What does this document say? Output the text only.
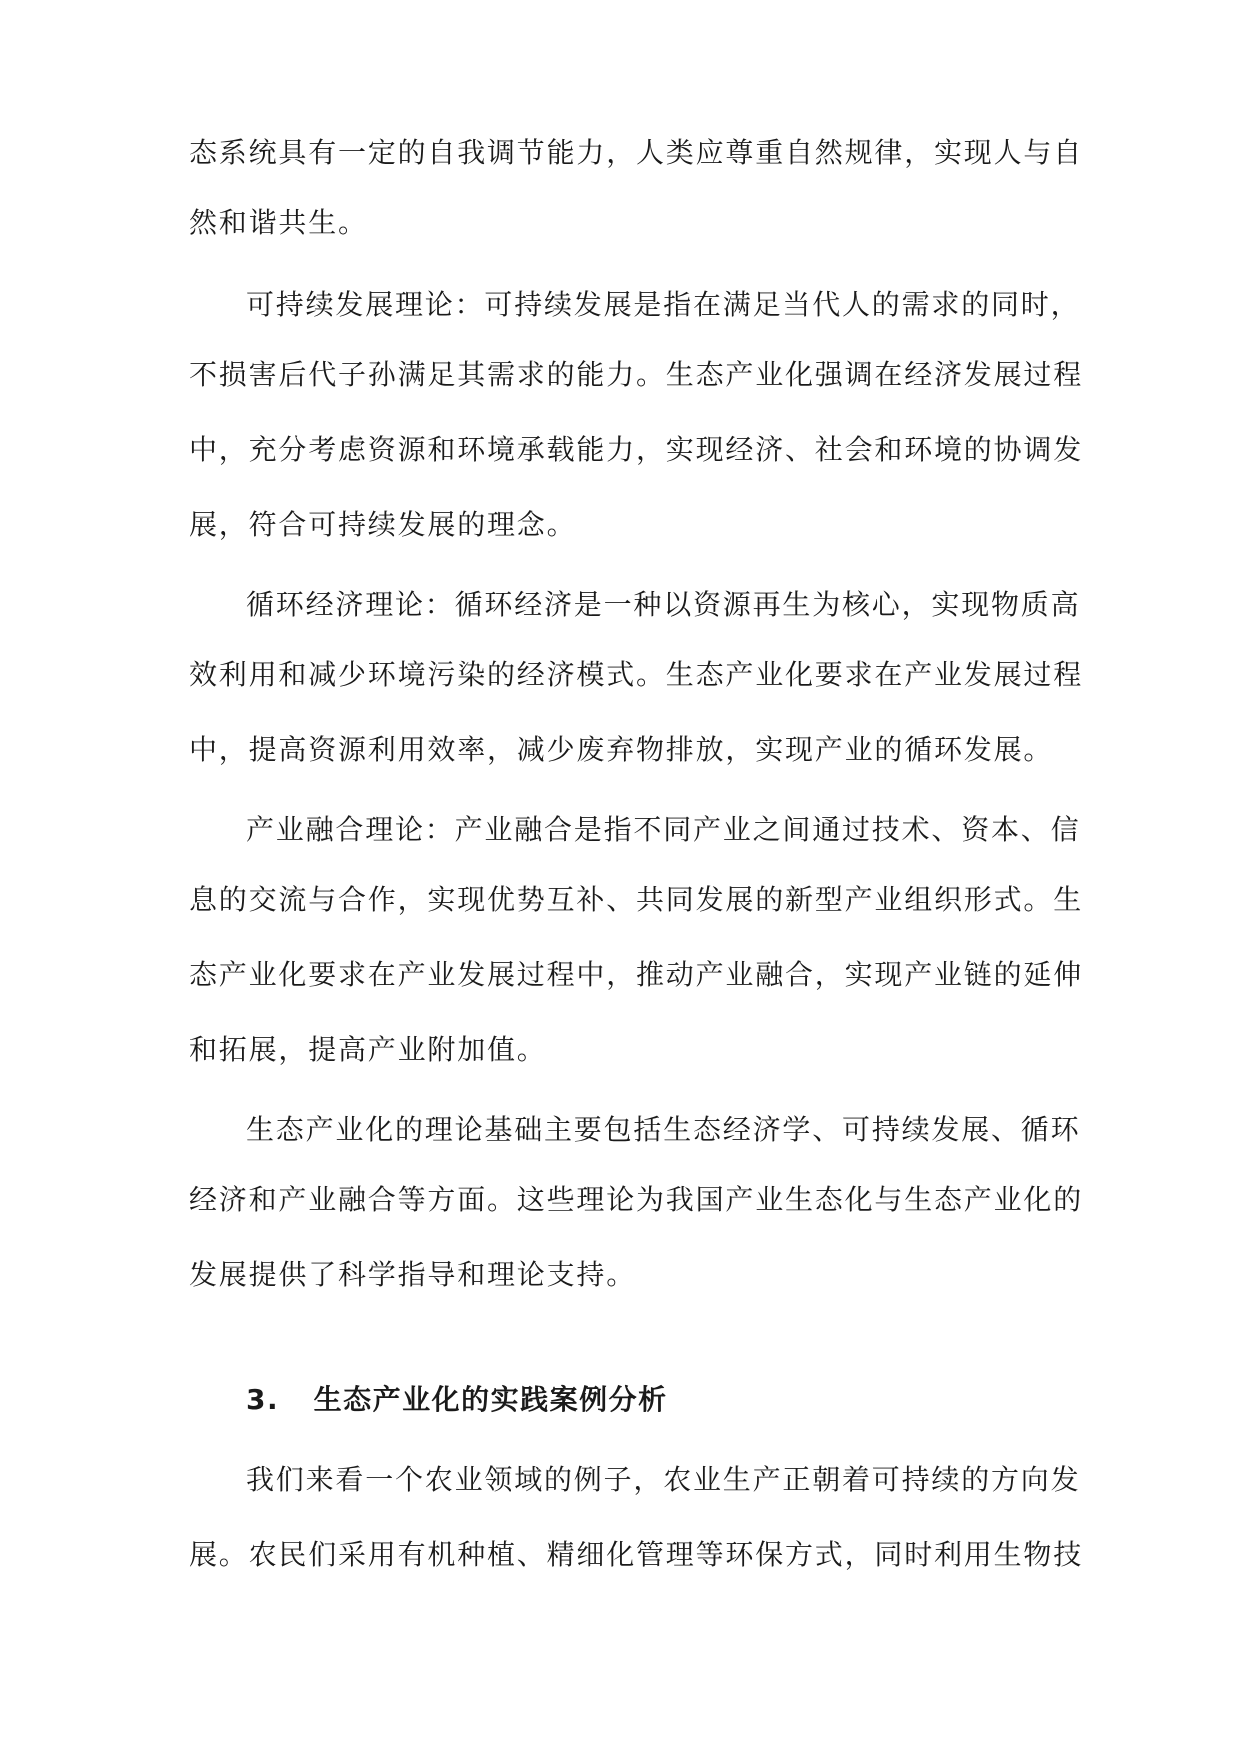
态系统具有一定的自我调节能力，人类应尊重自然规律，实现人与自
然和谐共生。
可持续发展理论：可持续发展是指在满足当代人的需求的同时，
不损害后代子孙满足其需求的能力。生态产业化强调在经济发展过程
中，充分考虑资源和环境承载能力，实现经济、社会和环境的协调发
展，符合可持续发展的理念。
循环经济理论：循环经济是一种以资源再生为核心，实现物质高
效利用和减少环境污染的经济模式。生态产业化要求在产业发展过程
中，提高资源利用效率，减少废弃物排放，实现产业的循环发展。
产业融合理论：产业融合是指不同产业之间通过技术、资本、信
息的交流与合作，实现优势互补、共同发展的新型产业组织形式。生
态产业化要求在产业发展过程中，推动产业融合，实现产业链的延伸
和拓展，提高产业附加值。
生态产业化的理论基础主要包括生态经济学、可持续发展、循环
经济和产业融合等方面。这些理论为我国产业生态化与生态产业化的
发展提供了科学指导和理论支持。
3. 生态产业化的实践案例分析
我们来看一个农业领域的例子，农业生产正朝着可持续的方向发
展。农民们采用有机种植、精细化管理等环保方式，同时利用生物技
